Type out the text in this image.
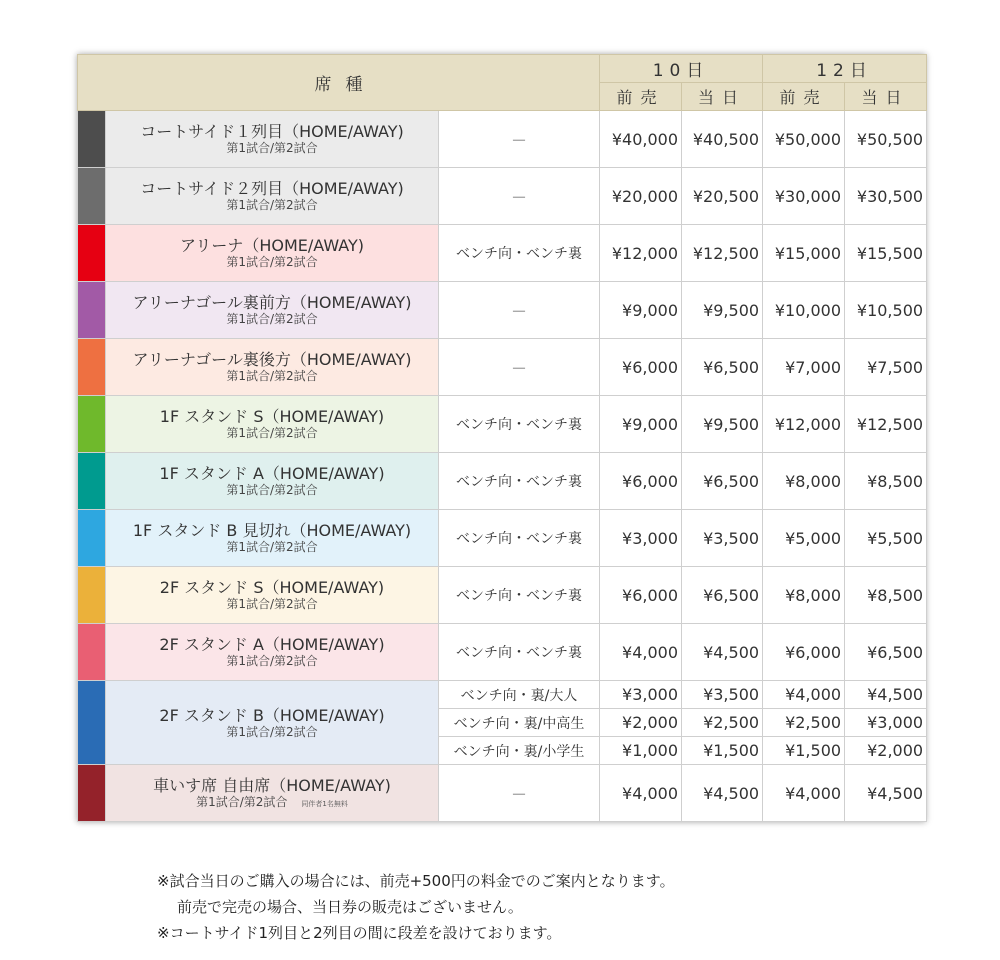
席種			10日		12日	
			前売	当日	前売	当日

	コートサイド１列目（HOME/AWAY)
第1試合/第2試合	－	¥40,000	¥40,500	¥50,000	¥50,500

	コートサイド２列目（HOME/AWAY)
第1試合/第2試合	－	¥20,000	¥20,500	¥30,000	¥30,500

	アリーナ（HOME/AWAY)
第1試合/第2試合	ベンチ向・ベンチ裏	¥12,000	¥12,500	¥15,000	¥15,500

	アリーナゴール裏前方（HOME/AWAY)
第1試合/第2試合	－	¥9,000	¥9,500	¥10,000	¥10,500

	アリーナゴール裏後方（HOME/AWAY)
第1試合/第2試合	－	¥6,000	¥6,500	¥7,000	¥7,500

	1F スタンド S（HOME/AWAY)
第1試合/第2試合	ベンチ向・ベンチ裏	¥9,000	¥9,500	¥12,000	¥12,500

	1F スタンド A（HOME/AWAY)
第1試合/第2試合	ベンチ向・ベンチ裏	¥6,000	¥6,500	¥8,000	¥8,500

	1F スタンド B 見切れ（HOME/AWAY)
第1試合/第2試合	ベンチ向・ベンチ裏	¥3,000	¥3,500	¥5,000	¥5,500

	2F スタンド S（HOME/AWAY)
第1試合/第2試合	ベンチ向・ベンチ裏	¥6,000	¥6,500	¥8,000	¥8,500

	2F スタンド A（HOME/AWAY)
第1試合/第2試合	ベンチ向・ベンチ裏	¥4,000	¥4,500	¥6,000	¥6,500

	2F スタンド B（HOME/AWAY)
第1試合/第2試合	ベンチ向・裏/大人	¥3,000	¥3,500	¥4,000	¥4,500
		ベンチ向・裏/中高生	¥2,000	¥2,500	¥2,500	¥3,000
		ベンチ向・裏/小学生	¥1,000	¥1,500	¥1,500	¥2,000

	車いす席 自由席（HOME/AWAY)
第1試合/第2試合 同伴者1名無料	－	¥4,000	¥4,500	¥4,000	¥4,500
※試合当日のご購入の場合には、前売+500円の料金でのご案内となります。
前売で完売の場合、当日券の販売はございません。
※コートサイド1列目と2列目の間に段差を設けております。
